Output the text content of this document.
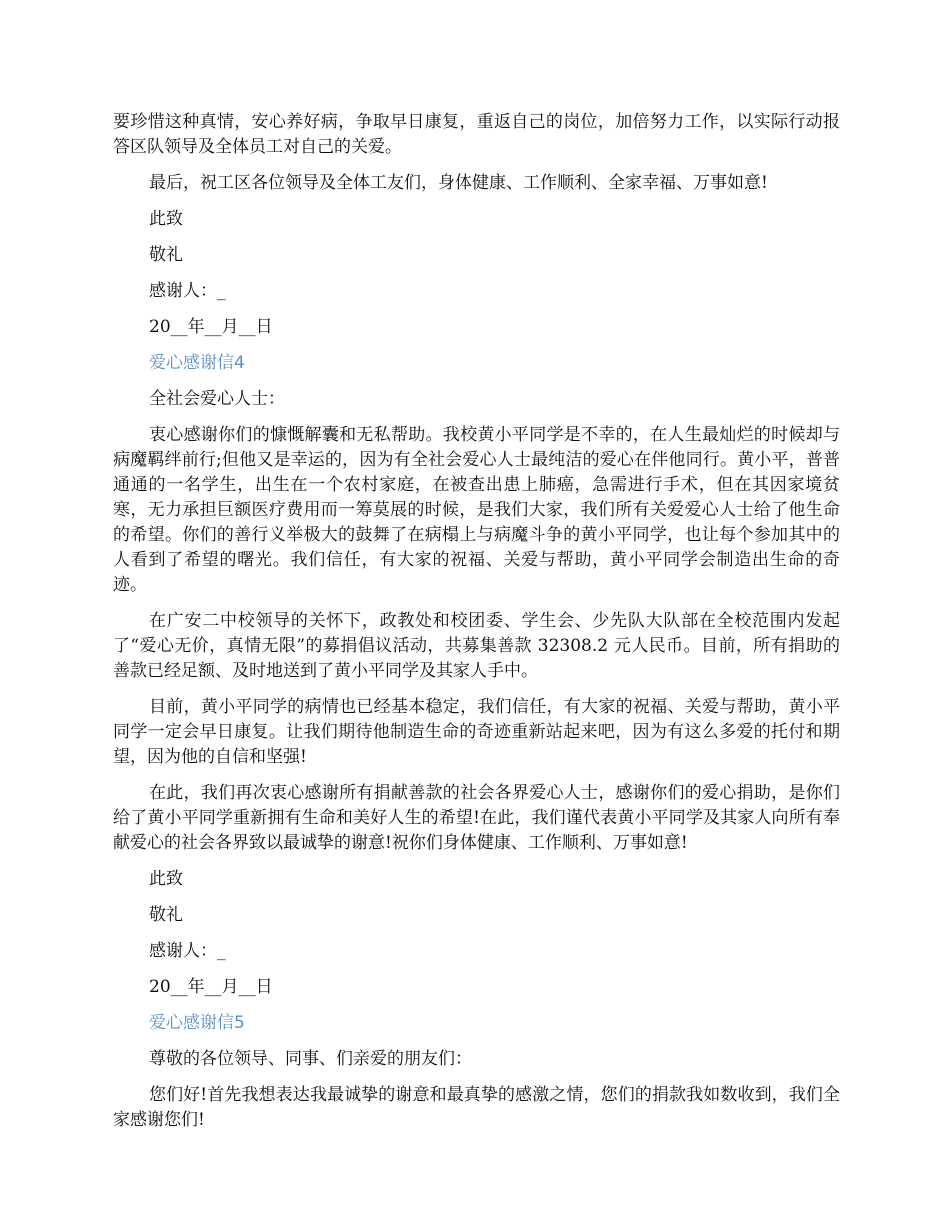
要珍惜这种真情，安心养好病，争取早日康复，重返自己的岗位，加倍努力工作，以实际行动报答区队领导及全体员工对自己的关爱。

最后，祝工区各位领导及全体工友们，身体健康、工作顺利、全家幸福、万事如意!

此致
敬礼
感谢人：_
20__年__月__日
爱心感谢信4
全社会爱心人士：

衷心感谢你们的慷慨解囊和无私帮助。我校黄小平同学是不幸的，在人生最灿烂的时候却与病魔羁绊前行;但他又是幸运的，因为有全社会爱心人士最纯洁的爱心在伴他同行。黄小平，普普通通的一名学生，出生在一个农村家庭，在被查出患上肺癌，急需进行手术，但在其因家境贫寒，无力承担巨额医疗费用而一筹莫展的时候，是我们大家，我们所有关爱爱心人士给了他生命的希望。你们的善行义举极大的鼓舞了在病榻上与病魔斗争的黄小平同学，也让每个参加其中的人看到了希望的曙光。我们信任，有大家的祝福、关爱与帮助，黄小平同学会制造出生命的奇迹。

在广安二中校领导的关怀下，政教处和校团委、学生会、少先队大队部在全校范围内发起了“爱心无价，真情无限”的募捐倡议活动，共募集善款 32308.2 元人民币。目前，所有捐助的善款已经足额、及时地送到了黄小平同学及其家人手中。

目前，黄小平同学的病情也已经基本稳定，我们信任，有大家的祝福、关爱与帮助，黄小平同学一定会早日康复。让我们期待他制造生命的奇迹重新站起来吧，因为有这么多爱的托付和期望，因为他的自信和坚强!

在此，我们再次衷心感谢所有捐献善款的社会各界爱心人士，感谢你们的爱心捐助，是你们给了黄小平同学重新拥有生命和美好人生的希望!在此，我们谨代表黄小平同学及其家人向所有奉献爱心的社会各界致以最诚挚的谢意!祝你们身体健康、工作顺利、万事如意!

此致
敬礼
感谢人：_
20__年__月__日
爱心感谢信5
尊敬的各位领导、同事、们亲爱的朋友们：

您们好!首先我想表达我最诚挚的谢意和最真挚的感激之情，您们的捐款我如数收到，我们全家感谢您们!
